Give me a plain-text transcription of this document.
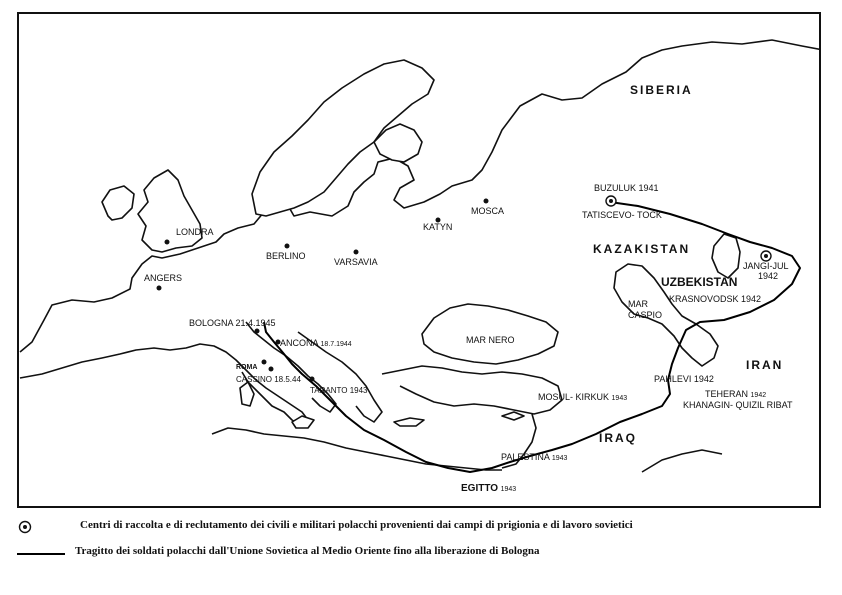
SIBERIA
KAZAKISTAN
UZBEKISTAN
IRAN
IRAQ
MAR NERO
MAR
CASPIO
LONDRA
ANGERS
BERLINO
VARSAVIA
KATYN
MOSCA
BUZULUK 1941
TATISCEVO- TOCK
JANGI-JUL
1942
KRASNOVODSK 1942
PAHLEVI 1942
TEHERAN 1942
KHANAGIN- QUIZIL RIBAT
MOSUL- KIRKUK 1943
PALESTINA 1943
EGITTO 1943
BOLOGNA 21.4.1945
ANCONA 18.7.1944
ROMA
CASSINO 18.5.44
TARANTO 1943
Centri di raccolta e di reclutamento dei civili e militari polacchi provenienti dai campi di prigionia e di lavoro sovietici
Tragitto dei soldati polacchi dall'Unione Sovietica al Medio Oriente fino alla liberazione di Bologna
